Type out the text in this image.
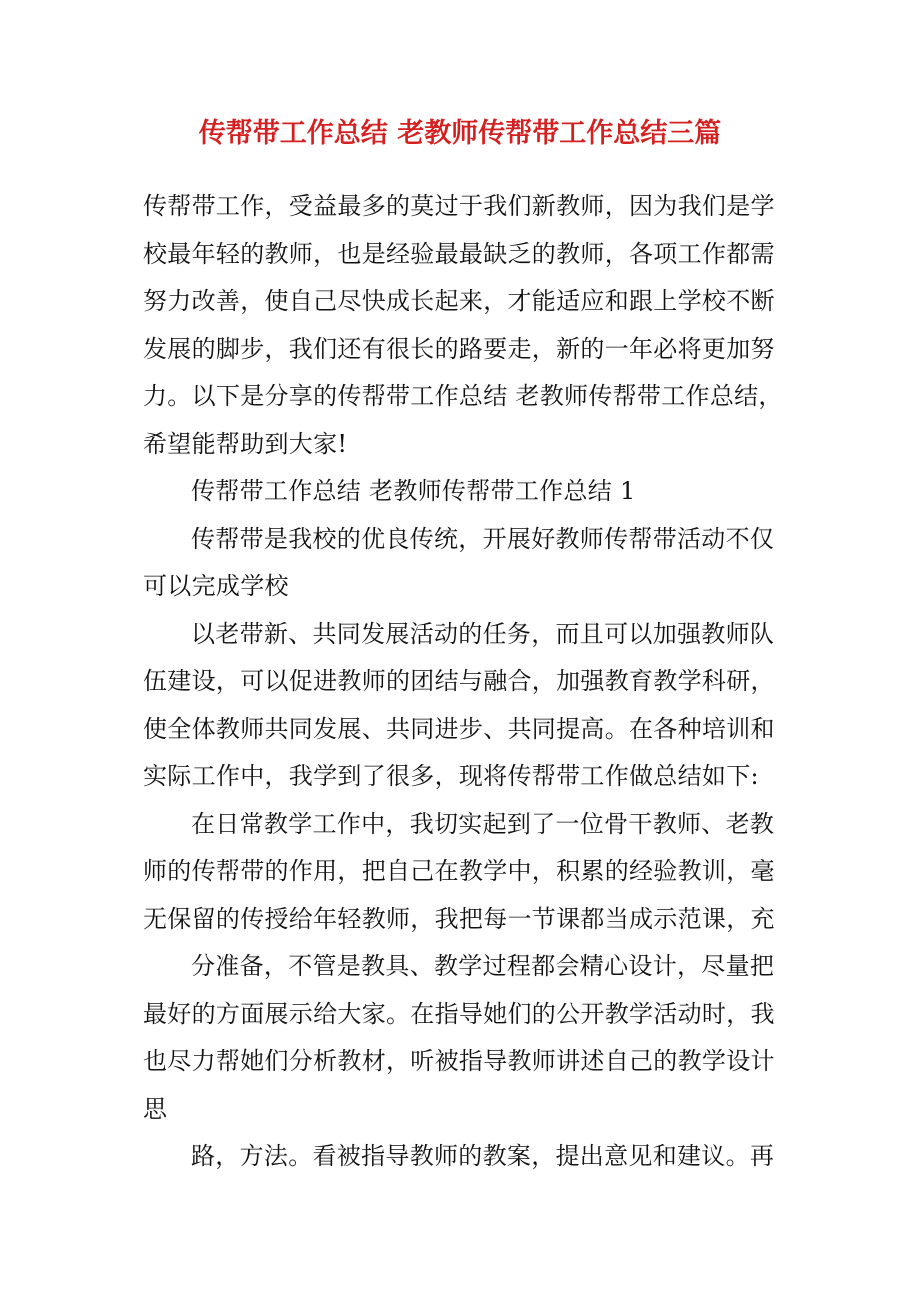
传帮带工作总结 老教师传帮带工作总结三篇
传帮带工作，受益最多的莫过于我们新教师，因为我们是学
校最年轻的教师，也是经验最最缺乏的教师，各项工作都需
努力改善，使自己尽快成长起来，才能适应和跟上学校不断
发展的脚步，我们还有很长的路要走，新的一年必将更加努
力。以下是分享的传帮带工作总结 老教师传帮带工作总结，
希望能帮助到大家!
传帮带工作总结 老教师传帮带工作总结 1
传帮带是我校的优良传统，开展好教师传帮带活动不仅
可以完成学校
以老带新、共同发展活动的任务，而且可以加强教师队
伍建设，可以促进教师的团结与融合，加强教育教学科研，
使全体教师共同发展、共同进步、共同提高。在各种培训和
实际工作中，我学到了很多，现将传帮带工作做总结如下:
在日常教学工作中，我切实起到了一位骨干教师、老教
师的传帮带的作用，把自己在教学中，积累的经验教训，毫
无保留的传授给年轻教师，我把每一节课都当成示范课，充
分准备，不管是教具、教学过程都会精心设计，尽量把
最好的方面展示给大家。在指导她们的公开教学活动时，我
也尽力帮她们分析教材，听被指导教师讲述自己的教学设计
思
路，方法。看被指导教师的教案，提出意见和建议。再
